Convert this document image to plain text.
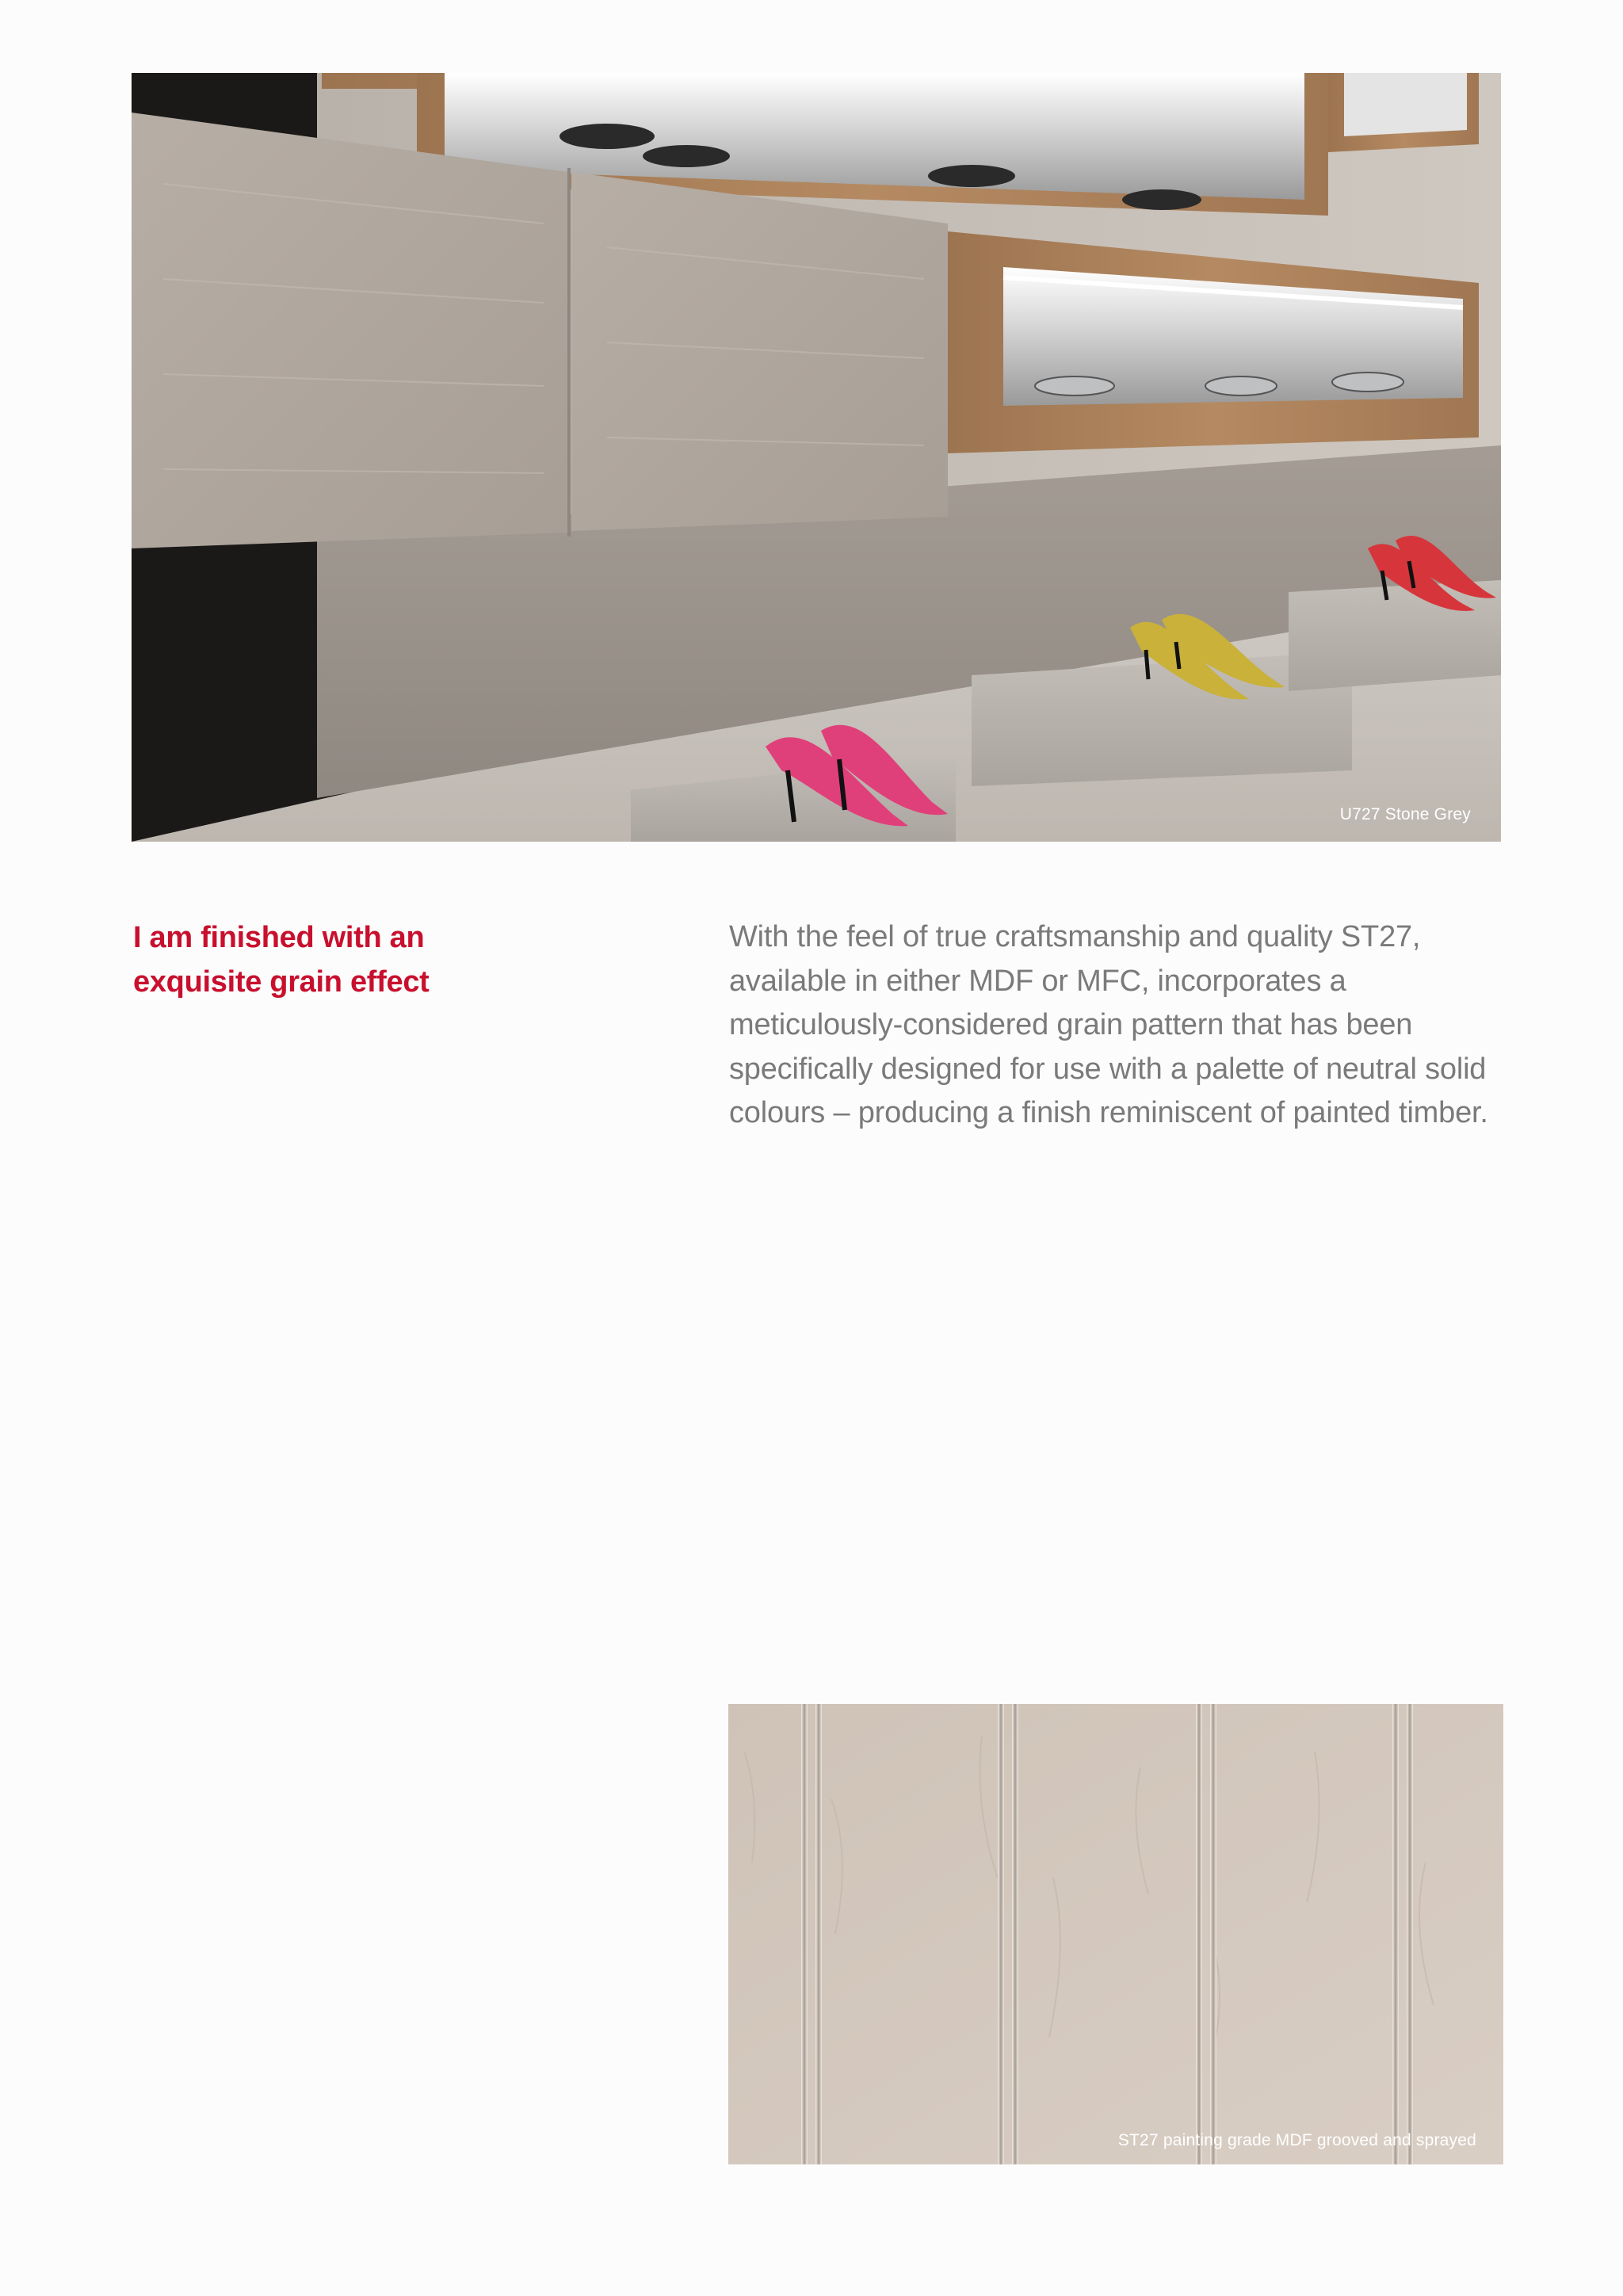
U727 Stone Grey
I am finished with an
exquisite grain effect

With the feel of true craftsmanship and quality ST27, available in either MDF or MFC, incorporates a meticulously-considered grain pattern that has been specifically designed for use with a palette of neutral solid colours – producing a finish reminiscent of painted timber.

ST27 painting grade MDF grooved and sprayed
